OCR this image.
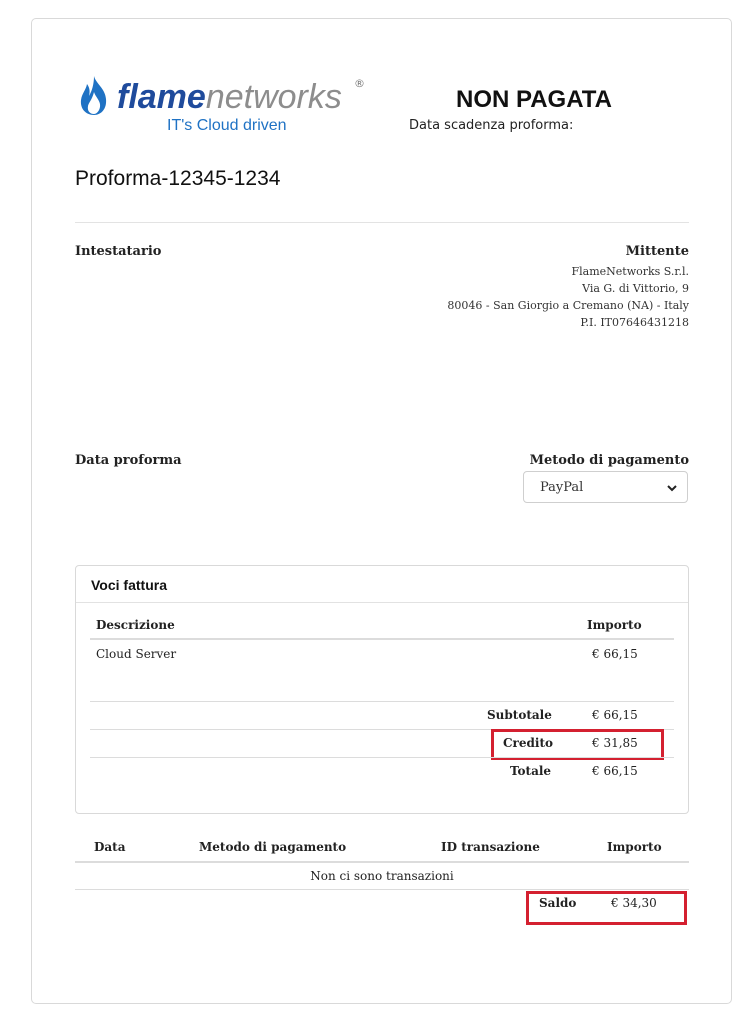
flamenetworks ®
IT's Cloud driven
NON PAGATA
Data scadenza proforma:
Proforma-12345-1234
Intestatario	Mittente
FlameNetworks S.r.l.
Via G. di Vittorio, 9
80046 - San Giorgio a Cremano (NA) - Italy
P.I. IT07646431218
Data proforma	Metodo di pagamento
PayPal
Voci fattura
Descrizione	Importo
Cloud Server	€ 66,15
Subtotale	€ 66,15
Credito	€ 31,85
Totale	€ 66,15
Data	Metodo di pagamento	ID transazione	Importo
Non ci sono transazioni
Saldo	€ 34,30
